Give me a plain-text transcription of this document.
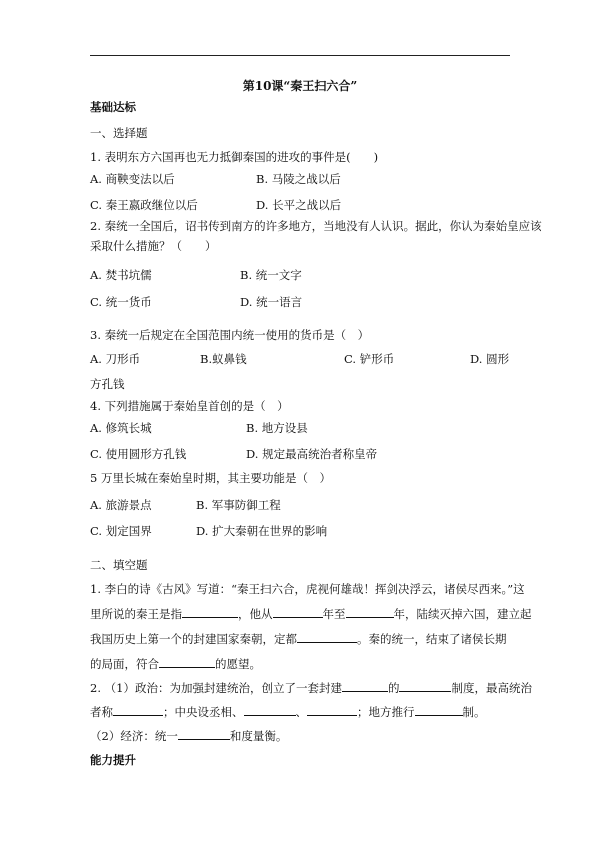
第10课“秦王扫六合”
基础达标
一、选择题
1. 表明东方六国再也无力抵御秦国的进攻的事件是(　　)
A. 商鞅变法以后	B. 马陵之战以后
C. 秦王嬴政继位以后	D. 长平之战以后
2. 秦统一全国后，诏书传到南方的许多地方，当地没有人认识。据此，你认为秦始皇应该
采取什么措施？（　　）
A. 焚书坑儒	B. 统一文字
C. 统一货币	D. 统一语言
3. 秦统一后规定在全国范围内统一使用的货币是（　）
A. 刀形币	B.蚁鼻钱	C. 铲形币	D. 圆形
方孔钱
4. 下列措施属于秦始皇首创的是（　）
A. 修筑长城	B. 地方设县
C. 使用圆形方孔钱	D. 规定最高统治者称皇帝
5 万里长城在秦始皇时期，其主要功能是（　）
A. 旅游景点	B. 军事防御工程
C. 划定国界	D. 扩大秦朝在世界的影响
二、填空题
1. 李白的诗《古风》写道：“秦王扫六合，虎视何雄哉！挥剑决浮云，诸侯尽西来。”这
里所说的秦王是指	，他从	年至	年，陆续灭掉六国，建立起
我国历史上第一个的封建国家秦朝，定都	。秦的统一，结束了诸侯长期
的局面，符合	的愿望。
2. （1）政治：为加强封建统治，创立了一套封建	的	制度，最高统治
者称	；中央设丞相、	、	；地方推行	制。
（2）经济：统一	和度量衡。
能力提升
